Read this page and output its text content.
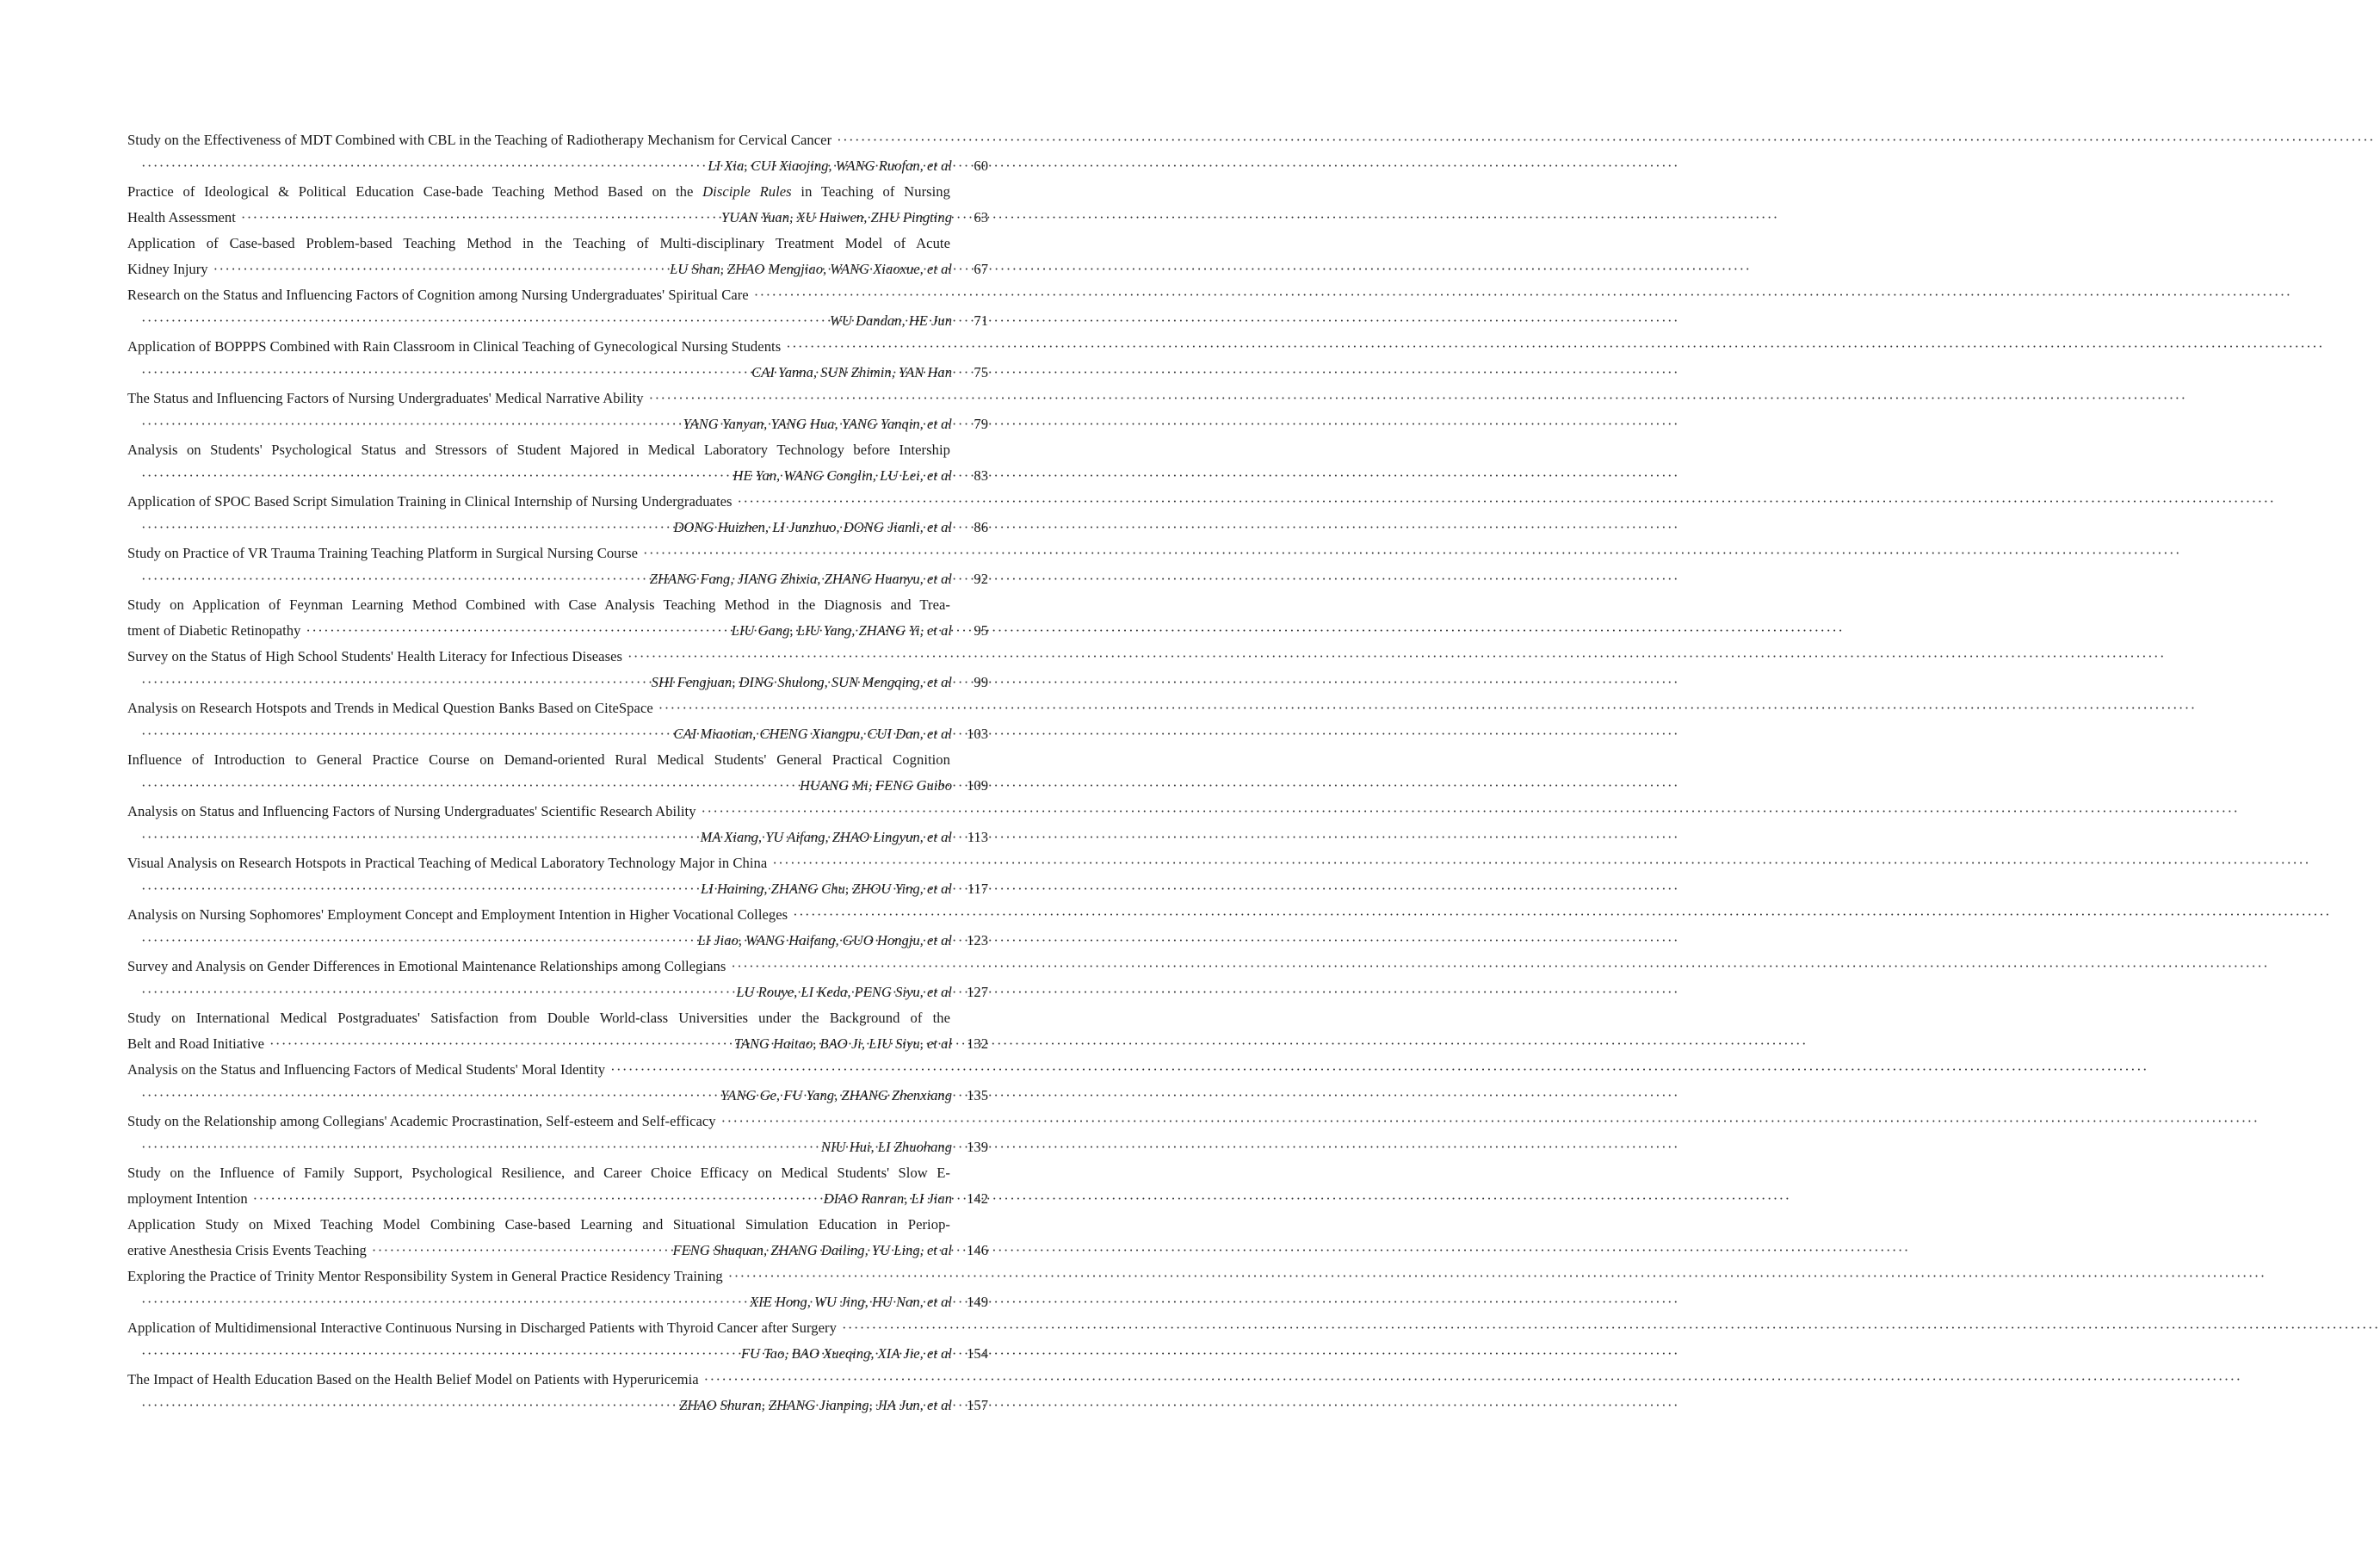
Study on the Effectiveness of MDT Combined with CBL in the Teaching of Radiotherapy Mechanism for Cervical Cancer
·····
·····
LI Xia, CUI Xiaojing, WANG Ruofan, et al	60
Practice of Ideological & Political Education Case-bade Teaching Method Based on the Disciple Rules in Teaching of Nursing
Health Assessment ·····	YUAN Yuan, XU Huiwen, ZHU Pingting	63
Application of Case-based Problem-based Teaching Method in the Teaching of Multi-disciplinary Treatment Model of Acute
Kidney Injury ·····	LU Shan, ZHAO Mengjiao, WANG Xiaoxue, et al	67
Research on the Status and Influencing Factors of Cognition among Nursing Undergraduates' Spiritual Care
·····
·····
WU Dandan, HE Jun	71
Application of BOPPPS Combined with Rain Classroom in Clinical Teaching of Gynecological Nursing Students
·····
·····
CAI Yanna, SUN Zhimin, YAN Han	75
The Status and Influencing Factors of Nursing Undergraduates' Medical Narrative Ability
·····
·····
YANG Yanyan, YANG Hua, YANG Yanqin, et al	79
Analysis on Students' Psychological Status and Stressors of Student Majored in Medical Laboratory Technology before Intership
·····
HE Yan, WANG Conglin, LU Lei, et al	83
Application of SPOC Based Script Simulation Training in Clinical Internship of Nursing Undergraduates
·····
·····
DONG Huizhen, LI Junzhuo, DONG Jianli, et al	86
Study on Practice of VR Trauma Training Teaching Platform in Surgical Nursing Course
·····
·····
ZHANG Fang, JIANG Zhixia, ZHANG Huanyu, et al	92
Study on Application of Feynman Learning Method Combined with Case Analysis Teaching Method in the Diagnosis and Trea-
tment of Diabetic Retinopathy ·····	LIU Gang, LIU Yang, ZHANG Yi, et al	95
Survey on the Status of High School Students' Health Literacy for Infectious Diseases
·····
·····
SHI Fengjuan, DING Shulong, SUN Mengqing, et al	99
Analysis on Research Hotspots and Trends in Medical Question Banks Based on CiteSpace
·····
·····
CAI Miaotian, CHENG Xiangpu, CUI Dan, et al	103
Influence of Introduction to General Practice Course on Demand-oriented Rural Medical Students' General Practical Cognition
·····
HUANG Mi, FENG Guibo	109
Analysis on Status and Influencing Factors of Nursing Undergraduates' Scientific Research Ability
·····
·····
MA Xiang, YU Aifang, ZHAO Lingyun, et al	113
Visual Analysis on Research Hotspots in Practical Teaching of Medical Laboratory Technology Major in China
·····
·····
LI Haining, ZHANG Chu, ZHOU Ying, et al	117
Analysis on Nursing Sophomores' Employment Concept and Employment Intention in Higher Vocational Colleges
·····
·····
LI Jiao, WANG Haifang, GUO Hongju, et al	123
Survey and Analysis on Gender Differences in Emotional Maintenance Relationships among Collegians
·····
·····
LU Rouye, LI Keda, PENG Siyu, et al	127
Study on International Medical Postgraduates' Satisfaction from Double World-class Universities under the Background of the
Belt and Road Initiative ·····	TANG Haitao, BAO Ji, LIU Siyu, et al	132
Analysis on the Status and Influencing Factors of Medical Students' Moral Identity
·····
·····
YANG Ge, FU Yang, ZHANG Zhenxiang	135
Study on the Relationship among Collegians' Academic Procrastination, Self-esteem and Self-efficacy
·····
·····
NIU Hui, LI Zhuohang	139
Study on the Influence of Family Support, Psychological Resilience, and Career Choice Efficacy on Medical Students' Slow E-
mployment Intention ·····	DIAO Ranran, LI Jian	142
Application Study on Mixed Teaching Model Combining Case-based Learning and Situational Simulation Education in Periop-
erative Anesthesia Crisis Events Teaching ·····	FENG Shuquan, ZHANG Dailing, YU Ling, et al	146
Exploring the Practice of Trinity Mentor Responsibility System in General Practice Residency Training
·····
·····
XIE Hong, WU Jing, HU Nan, et al	149
Application of Multidimensional Interactive Continuous Nursing in Discharged Patients with Thyroid Cancer after Surgery
·····
·····
FU Tao, BAO Xueqing, XIA Jie, et al	154
The Impact of Health Education Based on the Health Belief Model on Patients with Hyperuricemia
·····
·····
ZHAO Shuran, ZHANG Jianping, JIA Jun, et al	157
